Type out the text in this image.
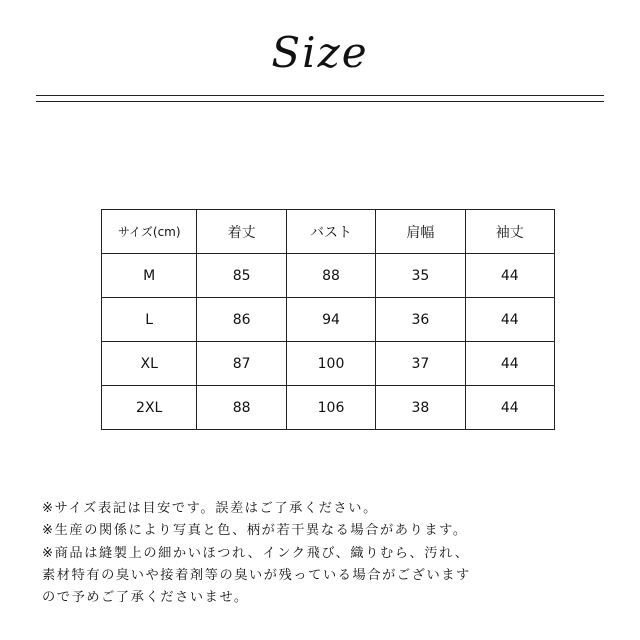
Size
サイズ(cm)	着丈	バスト	肩幅	袖丈
M	85	88	35	44
L	86	94	36	44
XL	87	100	37	44
2XL	88	106	38	44
※サイズ表記は目安です。誤差はご了承ください。
※生産の関係により写真と色、柄が若干異なる場合があります。
※商品は縫製上の細かいほつれ、インク飛び、織りむら、汚れ、
素材特有の臭いや接着剤等の臭いが残っている場合がございます
ので予めご了承くださいませ。
